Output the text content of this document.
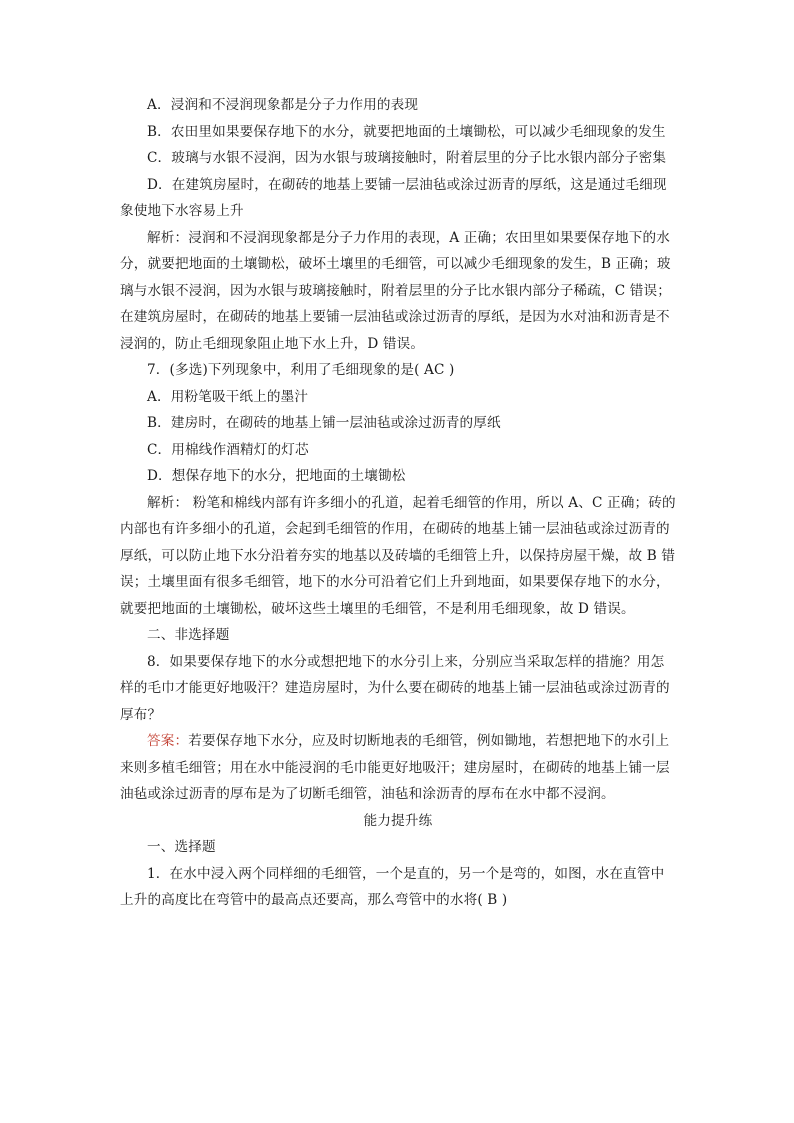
A．浸润和不浸润现象都是分子力作用的表现

B．农田里如果要保存地下的水分，就要把地面的土壤锄松，可以减少毛细现象的发生

C．玻璃与水银不浸润，因为水银与玻璃接触时，附着层里的分子比水银内部分子密集

D．在建筑房屋时，在砌砖的地基上要铺一层油毡或涂过沥青的厚纸，这是通过毛细现

象使地下水容易上升

解析：浸润和不浸润现象都是分子力作用的表现，A 正确；农田里如果要保存地下的水

分，就要把地面的土壤锄松，破坏土壤里的毛细管，可以减少毛细现象的发生，B 正确；玻

璃与水银不浸润，因为水银与玻璃接触时，附着层里的分子比水银内部分子稀疏，C 错误；

在建筑房屋时，在砌砖的地基上要铺一层油毡或涂过沥青的厚纸，是因为水对油和沥青是不

浸润的，防止毛细现象阻止地下水上升，D 错误。

7．(多选)下列现象中，利用了毛细现象的是( AC )

A．用粉笔吸干纸上的墨汁

B．建房时，在砌砖的地基上铺一层油毡或涂过沥青的厚纸

C．用棉线作酒精灯的灯芯

D．想保存地下的水分，把地面的土壤锄松

解析： 粉笔和棉线内部有许多细小的孔道，起着毛细管的作用，所以 A、C 正确；砖的

内部也有许多细小的孔道，会起到毛细管的作用，在砌砖的地基上铺一层油毡或涂过沥青的

厚纸，可以防止地下水分沿着夯实的地基以及砖墙的毛细管上升，以保持房屋干燥，故 B 错

误；土壤里面有很多毛细管，地下的水分可沿着它们上升到地面，如果要保存地下的水分，

就要把地面的土壤锄松，破坏这些土壤里的毛细管，不是利用毛细现象，故 D 错误。

二、非选择题

8．如果要保存地下的水分或想把地下的水分引上来，分别应当采取怎样的措施？用怎

样的毛巾才能更好地吸汗？建造房屋时，为什么要在砌砖的地基上铺一层油毡或涂过沥青的

厚布？

答案：若要保存地下水分，应及时切断地表的毛细管，例如锄地，若想把地下的水引上

来则多植毛细管；用在水中能浸润的毛巾能更好地吸汗；建房屋时，在砌砖的地基上铺一层

油毡或涂过沥青的厚布是为了切断毛细管，油毡和涂沥青的厚布在水中都不浸润。

能力提升练

一、选择题

1．在水中浸入两个同样细的毛细管，一个是直的，另一个是弯的，如图，水在直管中

上升的高度比在弯管中的最高点还要高，那么弯管中的水将( B )
